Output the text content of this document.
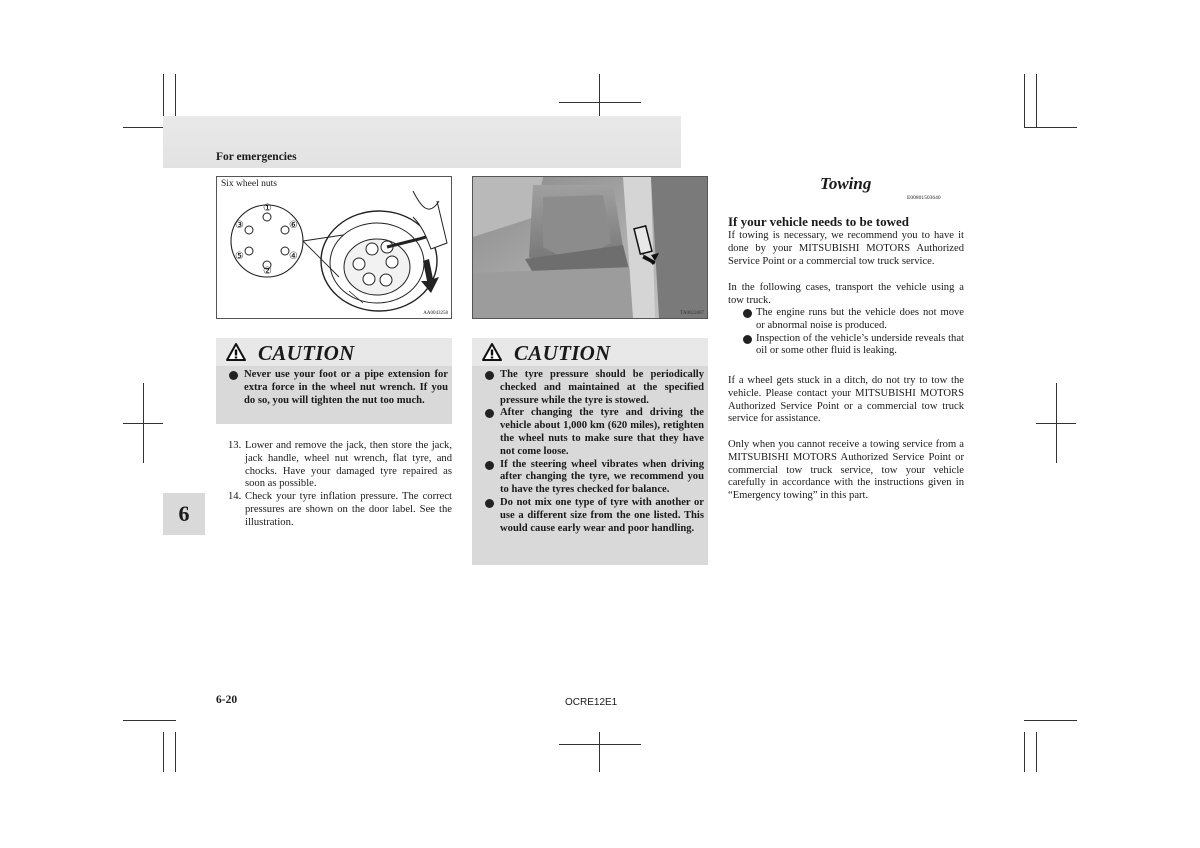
For emergencies
6
Six wheel nuts
①
②
③
④
⑤
⑥
AA0043258	TA0022007
CAUTION
Never use your foot or a pipe extension for extra force in the wheel nut wrench. If you do so, you will tighten the nut too much.
13. Lower and remove the jack, then store the jack, jack handle, wheel nut wrench, flat tyre, and chocks. Have your damaged tyre repaired as soon as possible.
14. Check your tyre inflation pressure. The correct pressures are shown on the door label. See the illustration.
CAUTION
The tyre pressure should be periodically checked and maintained at the specified pressure while the tyre is stowed.
After changing the tyre and driving the vehicle about 1,000 km (620 miles), retighten the wheel nuts to make sure that they have not come loose.
If the steering wheel vibrates when driving after changing the tyre, we recommend you to have the tyres checked for balance.
Do not mix one type of tyre with another or use a different size from the one listed. This would cause early wear and poor handling.
Towing
E00801503640
If your vehicle needs to be towed
If towing is necessary, we recommend you to have it done by your MITSUBISHI MOTORS Authorized Service Point or a commercial tow truck service.
In the following cases, transport the vehicle using a tow truck.
The engine runs but the vehicle does not move or abnormal noise is produced.
Inspection of the vehicle’s underside reveals that oil or some other fluid is leaking.
If a wheel gets stuck in a ditch, do not try to tow the vehicle. Please contact your MITSUBISHI MOTORS Authorized Service Point or a commercial tow truck service for assistance.
Only when you cannot receive a towing service from a MITSUBISHI MOTORS Authorized Service Point or commercial tow truck service, tow your vehicle carefully in accordance with the instructions given in “Emergency towing” in this part.
6-20	OCRE12E1
